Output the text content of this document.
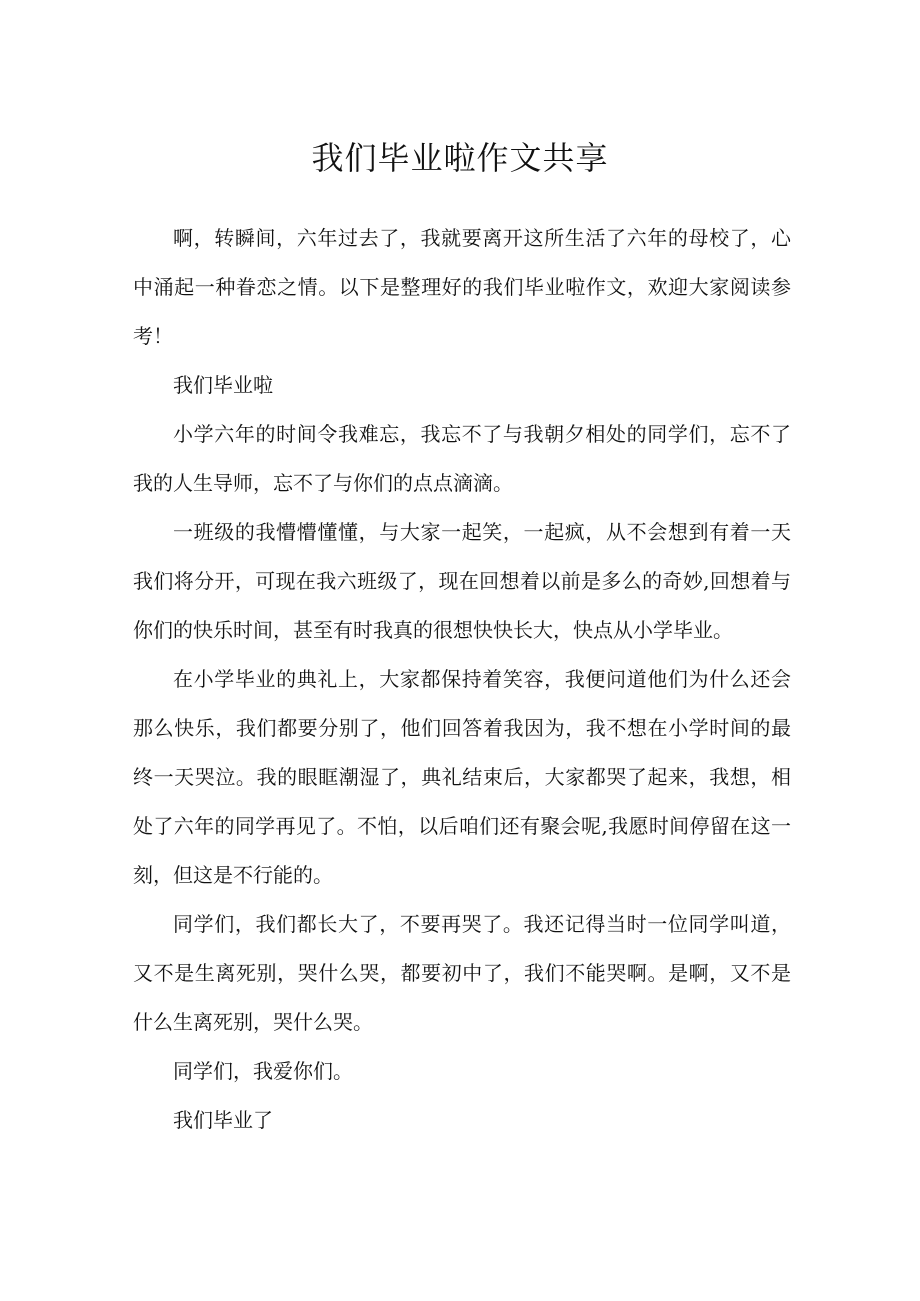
我们毕业啦作文共享

啊，转瞬间，六年过去了，我就要离开这所生活了六年的母校了，心中涌起一种眷恋之情。以下是整理好的我们毕业啦作文，欢迎大家阅读参考！

我们毕业啦

小学六年的时间令我难忘，我忘不了与我朝夕相处的同学们，忘不了我的人生导师，忘不了与你们的点点滴滴。

一班级的我懵懵懂懂，与大家一起笑，一起疯，从不会想到有着一天我们将分开，可现在我六班级了，现在回想着以前是多么的奇妙,回想着与你们的快乐时间，甚至有时我真的很想快快长大，快点从小学毕业。

在小学毕业的典礼上，大家都保持着笑容，我便问道他们为什么还会那么快乐，我们都要分别了，他们回答着我因为，我不想在小学时间的最终一天哭泣。我的眼眶潮湿了，典礼结束后，大家都哭了起来，我想，相处了六年的同学再见了。不怕，以后咱们还有聚会呢,我愿时间停留在这一刻，但这是不行能的。

同学们，我们都长大了，不要再哭了。我还记得当时一位同学叫道，又不是生离死别，哭什么哭，都要初中了，我们不能哭啊。是啊，又不是什么生离死别，哭什么哭。

同学们，我爱你们。

我们毕业了
